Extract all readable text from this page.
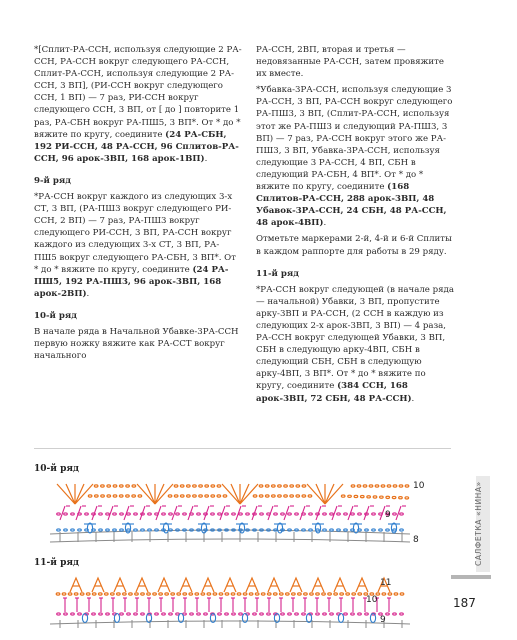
*[Сплит-РА-ССН, используя следующие 2 РА-ССН, РА-ССН вокруг следующего РА-ССН, Сплит-РА-ССН, используя следующие 2 РА-ССН, 3 ВП], (РИ-ССН вокруг следующего ССН, 1 ВП) — 7 раз, РИ-ССН вокруг следующего ССН, 3 ВП, от [ до ] повторите 1 раз, РА-СБН вокруг РА-ПШ5, 3 ВП*. От * до * вяжите по кругу, соедините (24 РА-СБН, 192 РИ-ССН, 48 РА-ССН, 96 Сплитов-РА-ССН, 96 арок-3ВП, 168 арок-1ВП).

9-й ряд

*РА-ССН вокруг каждого из следующих 3-х СТ, 3 ВП, (РА-ПШ3 вокруг следующего РИ-ССН, 2 ВП) — 7 раз, РА-ПШ3 вокруг следующего РИ-ССН, 3 ВП, РА-ССН вокруг каждого из следующих 3-х СТ, 3 ВП, РА-ПШ5 вокруг следующего РА-СБН, 3 ВП*. От * до * вяжите по кругу, соедините (24 РА-ПШ5, 192 РА-ПШ3, 96 арок-3ВП, 168 арок-2ВП).

10-й ряд

В начале ряда в Начальной Убавке-3РА-ССН первую ножку вяжите как РА-ССТ вокруг начального

РА-ССН, 2ВП, вторая и третья — недовязанные РА-ССН, затем провяжите их вместе.

*Убавка-3РА-ССН, используя следующие 3 РА-ССН, 3 ВП, РА-ССН вокруг следующего РА-ПШ3, 3 ВП, (Сплит-РА-ССН, используя этот же РА-ПШ3 и следующий РА-ПШ3, 3 ВП) — 7 раз, РА-ССН вокруг этого же РА-ПШ3, 3 ВП, Убавка-3РА-ССН, используя следующие 3 РА-ССН, 4 ВП, СБН в следующий РА-СБН, 4 ВП*. От * до * вяжите по кругу, соедините (168 Сплитов-РА-ССН, 288 арок-3ВП, 48 Убавок-3РА-ССН, 24 СБН, 48 РА-ССН, 48 арок-4ВП).

Отметьте маркерами 2-й, 4-й и 6-й Сплиты в каждом раппорте для работы в 29 ряду.

11-й ряд

*РА-ССН вокруг следующей (в начале ряда — начальной) Убавки, 3 ВП, пропустите арку-3ВП и РА-ССН, (2 ССН в каждую из следующих 2-х арок-3ВП, 3 ВП) — 4 раза, РА-ССН вокруг следующей Убавки, 3 ВП, СБН в следующую арку-4ВП, СБН в следующий СБН, СБН в следующую арку-4ВП, 3 ВП*. От * до * вяжите по кругу, соедините (384 ССН, 168 арок-3ВП, 72 СБН, 48 РА-ССН).

10-й ряд
10
9
8
11-й ряд
11
10
9
САЛФЕТКА «НИНА»
187
